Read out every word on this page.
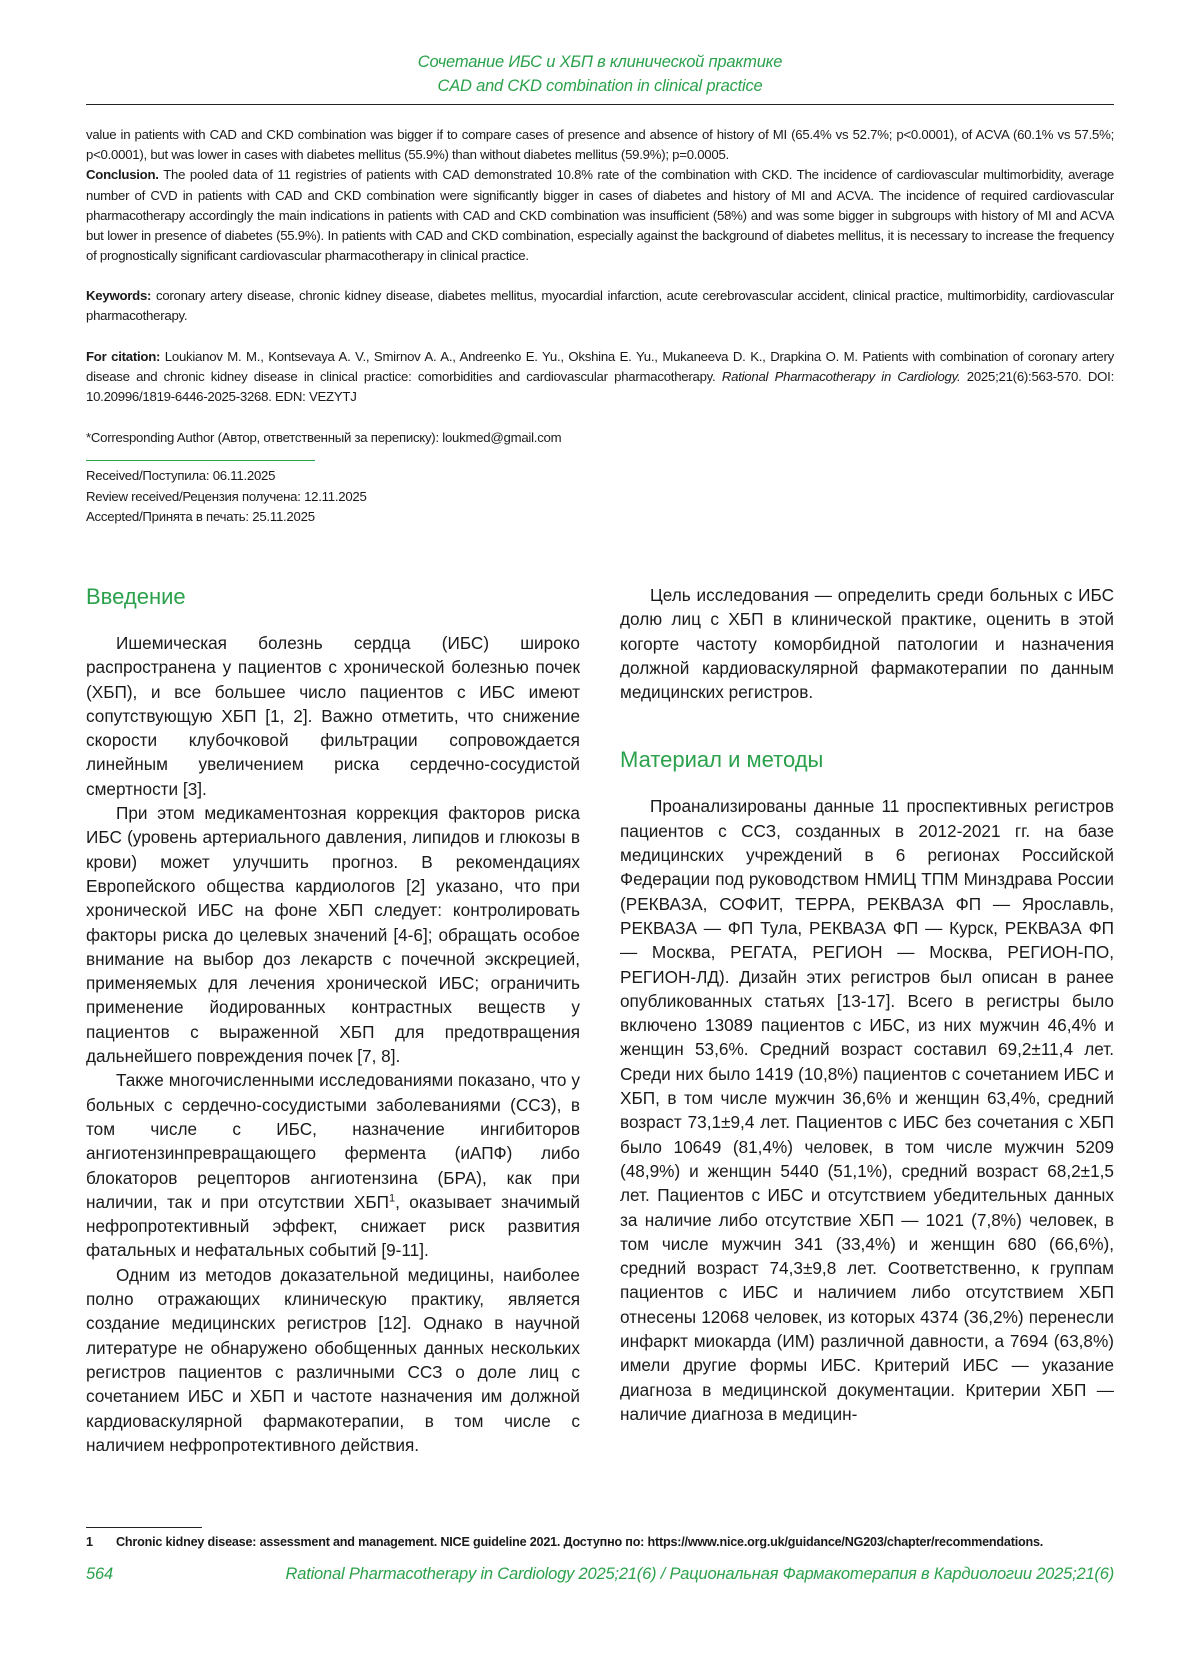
Сочетание ИБС и ХБП в клинической практике
CAD and CKD combination in clinical practice

value in patients with CAD and CKD combination was bigger if to compare cases of presence and absence of history of MI (65.4% vs 52.7%; p<0.0001), of ACVA (60.1% vs 57.5%; p<0.0001), but was lower in cases with diabetes mellitus (55.9%) than without diabetes mellitus (59.9%); p=0.0005.

Conclusion. The pooled data of 11 registries of patients with CAD demonstrated 10.8% rate of the combination with CKD. The incidence of cardiovascular multimorbidity, average number of CVD in patients with CAD and CKD combination were significantly bigger in cases of diabetes and history of MI and ACVA. The incidence of required cardiovascular pharmacotherapy accordingly the main indications in patients with CAD and CKD combination was insufficient (58%) and was some bigger in subgroups with history of MI and ACVA but lower in presence of diabetes (55.9%). In patients with CAD and CKD combination, especially against the background of diabetes mellitus, it is necessary to increase the frequency of prognostically significant cardiovascular pharmacotherapy in clinical practice.

Keywords: coronary artery disease, chronic kidney disease, diabetes mellitus, myocardial infarction, acute cerebrovascular accident, clinical practice, multimorbidity, cardiovascular pharmacotherapy.
For citation: Loukianov M. M., Kontsevaya A. V., Smirnov A. A., Andreenko E. Yu., Okshina E. Yu., Mukaneeva D. K., Drapkina O. M. Patients with combination of coronary artery disease and chronic kidney disease in clinical practice: comorbidities and cardiovascular pharmacotherapy. Rational Pharmacotherapy in Cardiology. 2025;21(6):563-570. DOI: 10.20996/1819-6446-2025-3268. EDN: VEZYTJ
*Corresponding Author (Автор, ответственный за переписку): loukmed@gmail.com
Received/Поступила: 06.11.2025
Review received/Рецензия получена: 12.11.2025
Accepted/Принята в печать: 25.11.2025
Введение

Ишемическая болезнь сердца (ИБС) широко распространена у пациентов с хронической болезнью почек (ХБП), и все большее число пациентов с ИБС имеют сопутствующую ХБП [1, 2]. Важно отметить, что снижение скорости клубочковой фильтрации сопровождается линейным увеличением риска сердечно-сосудистой смертности [3].

При этом медикаментозная коррекция факторов риска ИБС (уровень артериального давления, липидов и глюкозы в крови) может улучшить прогноз. В рекомендациях Европейского общества кардиологов [2] указано, что при хронической ИБС на фоне ХБП следует: контролировать факторы риска до целевых значений [4-6]; обращать особое внимание на выбор доз лекарств с почечной экскрецией, применяемых для лечения хронической ИБС; ограничить применение йодированных контрастных веществ у пациентов с выраженной ХБП для предотвращения дальнейшего повреждения почек [7, 8].

Также многочисленными исследованиями показано, что у больных с сердечно-сосудистыми заболеваниями (ССЗ), в том числе с ИБС, назначение ингибиторов ангиотензинпревращающего фермента (иАПФ) либо блокаторов рецепторов ангиотензина (БРА), как при наличии, так и при отсутствии ХБП$^1$, оказывает значимый нефропротективный эффект, снижает риск развития фатальных и нефатальных событий [9-11].

Одним из методов доказательной медицины, наиболее полно отражающих клиническую практику, является создание медицинских регистров [12]. Однако в научной литературе не обнаружено обобщенных данных нескольких регистров пациентов с различными ССЗ о доле лиц с сочетанием ИБС и ХБП и частоте назначения им должной кардиоваскулярной фармакотерапии, в том числе с наличием нефропротективного действия.

Цель исследования — определить среди больных с ИБС долю лиц с ХБП в клинической практике, оценить в этой когорте частоту коморбидной патологии и назначения должной кардиоваскулярной фармакотерапии по данным медицинских регистров.

Материал и методы

Проанализированы данные 11 проспективных регистров пациентов с ССЗ, созданных в 2012-2021 гг. на базе медицинских учреждений в 6 регионах Российской Федерации под руководством НМИЦ ТПМ Минздрава России (РЕКВАЗА, СОФИТ, ТЕРРА, РЕКВАЗА ФП — Ярославль, РЕКВАЗА — ФП Тула, РЕКВАЗА ФП — Курск, РЕКВАЗА ФП — Москва, РЕГАТА, РЕГИОН — Москва, РЕГИОН-ПО, РЕГИОН-ЛД). Дизайн этих регистров был описан в ранее опубликованных статьях [13-17]. Всего в регистры было включено 13089 пациентов с ИБС, из них мужчин 46,4% и женщин 53,6%. Средний возраст составил 69,2±11,4 лет. Среди них было 1419 (10,8%) пациентов с сочетанием ИБС и ХБП, в том числе мужчин 36,6% и женщин 63,4%, средний возраст 73,1±9,4 лет. Пациентов с ИБС без сочетания с ХБП было 10649 (81,4%) человек, в том числе мужчин 5209 (48,9%) и женщин 5440 (51,1%), средний возраст 68,2±1,5 лет. Пациентов с ИБС и отсутствием убедительных данных за наличие либо отсутствие ХБП — 1021 (7,8%) человек, в том числе мужчин 341 (33,4%) и женщин 680 (66,6%), средний возраст 74,3±9,8 лет. Соответственно, к группам пациентов с ИБС и наличием либо отсутствием ХБП отнесены 12068 человек, из которых 4374 (36,2%) перенесли инфаркт миокарда (ИМ) различной давности, а 7694 (63,8%) имели другие формы ИБС. Критерий ИБС — указание диагноза в медицинской документации. Критерии ХБП — наличие диагноза в медицин-

1 Chronic kidney disease: assessment and management. NICE guideline 2021. Доступно по: https://www.nice.org.uk/guidance/NG203/chapter/recommendations.
564	Rational Pharmacotherapy in Cardiology 2025;21(6) / Рациональная Фармакотерапия в Кардиологии 2025;21(6)
